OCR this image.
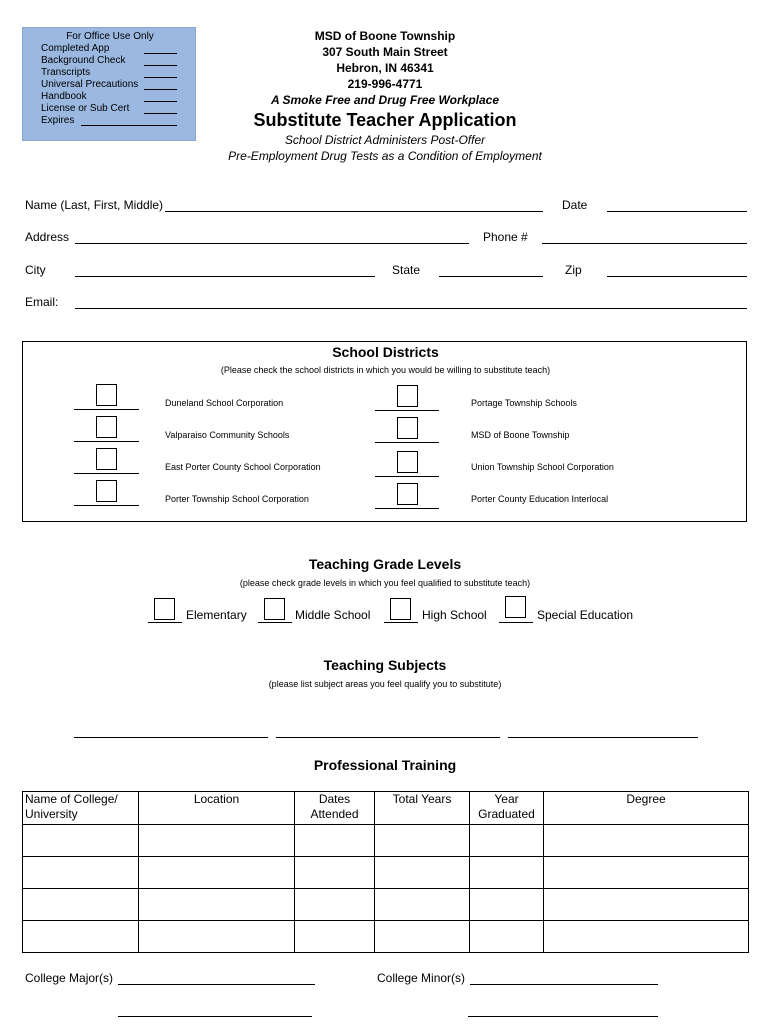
For Office Use Only
Completed App
Background Check
Transcripts
Universal Precautions
Handbook
License or Sub Cert
Expires
MSD of Boone Township
307 South Main Street
Hebron, IN 46341
219-996-4771
A Smoke Free and Drug Free Workplace
Substitute Teacher Application
School District Administers Post-Offer
Pre-Employment Drug Tests as a Condition of Employment
Name (Last, First, Middle)	Date
Address	Phone #
City	State	Zip
Email:
School Districts
(Please check the school districts in which you would be willing to substitute teach)
Duneland School Corporation
Valparaiso Community Schools
East Porter County School Corporation
Porter Township School Corporation
Portage Township Schools
MSD of Boone Township
Union Township School Corporation
Porter County Education Interlocal
Teaching Grade Levels
(please check grade levels in which you feel qualified to substitute teach)
Elementary	Middle School	High School	Special Education
Teaching Subjects
(please list subject areas you feel qualify you to substitute)
Professional Training
Name of College/ University	Location	Dates Attended	Total Years	Year Graduated	Degree

College Major(s)	College Minor(s)
